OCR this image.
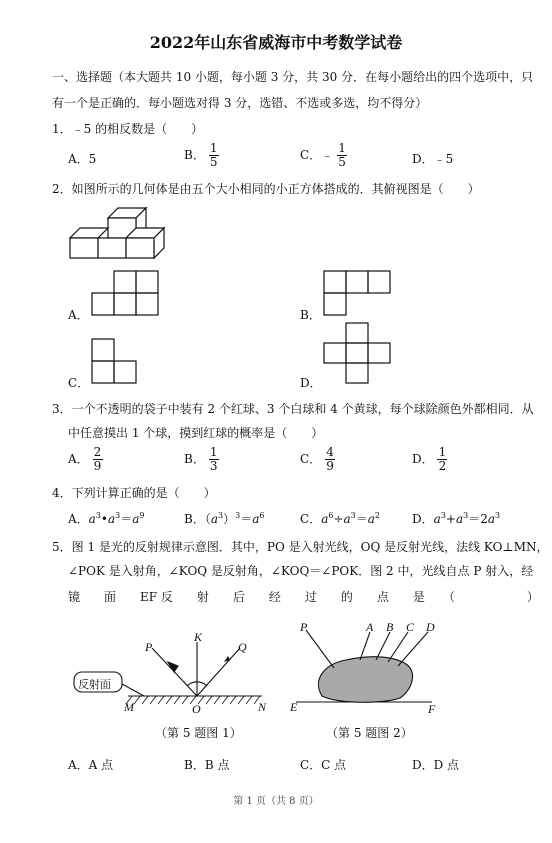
2022年山东省威海市中考数学试卷
一、选择题（本大题共 10 小题，每小题 3 分，共 30 分．在每小题给出的四个选项中，只
有一个是正确的．每小题选对得 3 分，选错、不选或多选，均不得分）
1．﹣5 的相反数是（　　）
A．5	B． $\frac{1}{5}$	C．﹣ $\frac{1}{5}$	D．﹣5
2．如图所示的几何体是由五个大小相同的小正方体搭成的．其俯视图是（　　）
A．	B．
C．	D．
3．一个不透明的袋子中装有 2 个红球、3 个白球和 4 个黄球，每个球除颜色外都相同．从
中任意摸出 1 个球，摸到红球的概率是（　　）
A． $\frac{2}{9}$	B． $\frac{1}{3}$	C． $\frac{4}{9}$	D． $\frac{1}{2}$
4．下列计算正确的是（　　）
A．$a^3•a^3=a^9$	B．$(a^3)^3=a^6$	C．$a^6\div a^3=a^2$	D．$a^3+a^3=2a^3$
5．图 1 是光的反射规律示意图．其中，PO 是入射光线，OQ 是反射光线，法线 KO⊥MN，
∠POK 是入射角，∠KOQ 是反射角，∠KOQ＝∠POK．图 2 中，光线自点 P 射入，经
镜　　面　　EF 反　　射　　后　　经　　过　　的　　点　　是　　（　　　　　　）
P
K
Q
M	O	N
反射面
（第 5 题图 1）
P	A B C D
E	F
（第 5 题图 2）
A．A 点	B．B 点	C．C 点	D．D 点
第 1 页（共 8 页）
